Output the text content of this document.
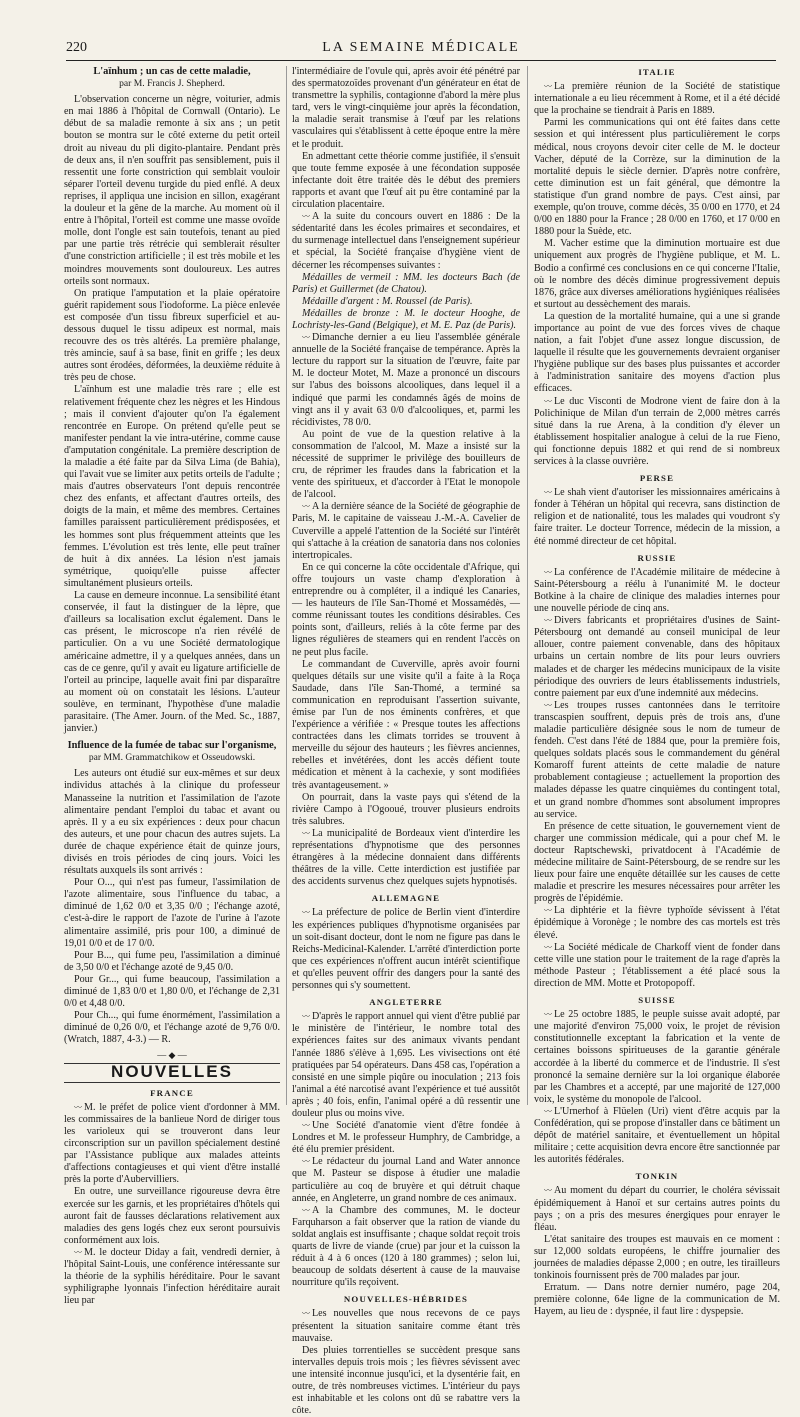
220	LA SEMAINE MÉDICALE

L'aïnhum ; un cas de cette maladie,

par M. Francis J. Shepherd.

L'observation concerne un nègre, voiturier, admis en mai 1886 à l'hôpital de Cornwall (Ontario). Le début de sa maladie remonte à six ans ; un petit bouton se montra sur le côté externe du petit orteil droit au niveau du pli digito-plantaire. Pendant près de deux ans, il n'en souffrit pas sensiblement, puis il ressentit une forte constriction qui semblait vouloir séparer l'orteil devenu turgide du pied enflé. A deux reprises, il appliqua une incision en sillon, exagérant la douleur et la gêne de la marche. Au moment où il entre à l'hôpital, l'orteil est comme une masse ovoïde molle, dont l'ongle est sain toutefois, tenant au pied par une partie très rétrécie qui semblerait résulter d'une constriction artificielle ; il est très mobile et les moindres mouvements sont douloureux. Les autres orteils sont normaux.

On pratique l'amputation et la plaie opératoire guérit rapidement sous l'iodoforme. La pièce enlevée est composée d'un tissu fibreux superficiel et au-dessous duquel le tissu adipeux est normal, mais recouvre des os très altérés. La première phalange, très amincie, sauf à sa base, finit en griffe ; les deux autres sont érodées, déformées, la deuxième réduite à très peu de chose.

L'aïnhum est une maladie très rare ; elle est relativement fréquente chez les nègres et les Hindous ; mais il convient d'ajouter qu'on l'a également rencontrée en Europe. On prétend qu'elle peut se manifester pendant la vie intra-utérine, comme cause d'amputation congénitale. La première description de la maladie a été faite par da Silva Lima (de Bahia), qui l'avait vue se limiter aux petits orteils de l'adulte ; mais d'autres observateurs l'ont depuis rencontrée chez des enfants, et affectant d'autres orteils, des doigts de la main, et même des membres. Certaines familles paraissent particulièrement prédisposées, et les hommes sont plus fréquemment atteints que les femmes. L'évolution est très lente, elle peut traîner de huit à dix années. La lésion n'est jamais symétrique, quoiqu'elle puisse affecter simultanément plusieurs orteils.

La cause en demeure inconnue. La sensibilité étant conservée, il faut la distinguer de la lèpre, que d'ailleurs sa localisation exclut également. Dans le cas présent, le microscope n'a rien révélé de particulier. On a vu une Société dermatologique américaine admettre, il y a quelques années, dans un cas de ce genre, qu'il y avait eu ligature artificielle de l'orteil au principe, laquelle avait fini par disparaître au moment où on constatait les lésions. L'auteur soulève, en terminant, l'hypothèse d'une maladie parasitaire. (The Amer. Journ. of the Med. Sc., 1887, janvier.)

Influence de la fumée de tabac sur l'organisme,

par MM. Grammatchikow et Osseudowski.

Les auteurs ont étudié sur eux-mêmes et sur deux individus attachés à la clinique du professeur Manasseine la nutrition et l'assimilation de l'azote alimentaire pendant l'emploi du tabac et avant ou après. Il y a eu six expériences : deux pour chacun des auteurs, et une pour chacun des autres sujets. La durée de chaque expérience était de quinze jours, divisés en trois périodes de cinq jours. Voici les résultats auxquels ils sont arrivés :

Pour O..., qui n'est pas fumeur, l'assimilation de l'azote alimentaire, sous l'influence du tabac, a diminué de 1,62 0/0 et 3,35 0/0 ; l'échange azoté, c'est-à-dire le rapport de l'azote de l'urine à l'azote alimentaire assimilé, pris pour 100, a diminué de 19,01 0/0 et de 17 0/0.

Pour B..., qui fume peu, l'assimilation a diminué de 3,50 0/0 et l'échange azoté de 9,45 0/0.

Pour Gr..., qui fume beaucoup, l'assimilation a diminué de 1,83 0/0 et 1,80 0/0, et l'échange de 2,31 0/0 et 4,48 0/0.

Pour Ch..., qui fume énormément, l'assimilation a diminué de 0,26 0/0, et l'échange azoté de 9,76 0/0. (Wratch, 1887, 4-3.) — R.

— ◆ —
NOUVELLES

FRANCE

〰 M. le préfet de police vient d'ordonner à MM. les commissaires de la banlieue Nord de diriger tous les varioleux qui se trouveront dans leur circonscription sur un pavillon spécialement destiné par l'Assistance publique aux malades atteints d'affections contagieuses et qui vient d'être installé près la porte d'Aubervilliers.

En outre, une surveillance rigoureuse devra être exercée sur les garnis, et les propriétaires d'hôtels qui auront fait de fausses déclarations relativement aux maladies des gens logés chez eux seront poursuivis conformément aux lois.

〰 M. le docteur Diday a fait, vendredi dernier, à l'hôpital Saint-Louis, une conférence intéressante sur la théorie de la syphilis héréditaire. Pour le savant syphiligraphe lyonnais l'infection héréditaire aurait lieu par

l'intermédiaire de l'ovule qui, après avoir été pénétré par des spermatozoïdes provenant d'un générateur en état de transmettre la syphilis, contagionne d'abord la mère plus tard, vers le vingt-cinquième jour après la fécondation, la maladie serait transmise à l'œuf par les relations vasculaires qui s'établissent à cette époque entre la mère et le produit.

En admettant cette théorie comme justifiée, il s'ensuit que toute femme exposée à une fécondation supposée infectante doit être traitée dès le début des premiers rapports et avant que l'œuf ait pu être contaminé par la circulation placentaire.

〰 A la suite du concours ouvert en 1886 : De la sédentarité dans les écoles primaires et secondaires, et du surmenage intellectuel dans l'enseignement supérieur et spécial, la Société française d'hygiène vient de décerner les récompenses suivantes :

Médailles de vermeil : MM. les docteurs Bach (de Paris) et Guillermet (de Chatou).

Médaille d'argent : M. Roussel (de Paris).

Médailles de bronze : M. le docteur Hooghe, de Lochristy-les-Gand (Belgique), et M. E. Paz (de Paris).

〰 Dimanche dernier a eu lieu l'assemblée générale annuelle de la Société française de tempérance. Après la lecture du rapport sur la situation de l'œuvre, faite par M. le docteur Motet, M. Maze a prononcé un discours sur l'abus des boissons alcooliques, dans lequel il a indiqué que parmi les condamnés âgés de moins de vingt ans il y avait 63 0/0 d'alcooliques, et, parmi les récidivistes, 78 0/0.

Au point de vue de la question relative à la consommation de l'alcool, M. Maze a insisté sur la nécessité de supprimer le privilège des bouilleurs de cru, de réprimer les fraudes dans la fabrication et la vente des spiritueux, et d'accorder à l'Etat le monopole de l'alcool.

〰 A la dernière séance de la Société de géographie de Paris, M. le capitaine de vaisseau J.-M.-A. Cavelier de Cuverville a appelé l'attention de la Société sur l'intérêt qui s'attache à la création de sanatoria dans nos colonies intertropicales.

En ce qui concerne la côte occidentale d'Afrique, qui offre toujours un vaste champ d'exploration à entreprendre ou à compléter, il a indiqué les Canaries, — les hauteurs de l'île San-Thomé et Mossamédès, — comme réunissant toutes les conditions désirables. Ces points sont, d'ailleurs, reliés à la côte ferme par des lignes régulières de steamers qui en rendent l'accès on ne peut plus facile.

Le commandant de Cuverville, après avoir fourni quelques détails sur une visite qu'il a faite à la Roça Saudade, dans l'île San-Thomé, a terminé sa communication en reproduisant l'assertion suivante, émise par l'un de nos éminents confrères, et que l'expérience a vérifiée : « Presque toutes les affections contractées dans les climats torrides se trouvent à merveille du séjour des hauteurs ; les fièvres anciennes, rebelles et invétérées, dont les accès défient toute médication et mènent à la cachexie, y sont modifiées très avantageusement. »

On pourrait, dans la vaste pays qui s'étend de la rivière Campo à l'Ogooué, trouver plusieurs endroits très salubres.

〰 La municipalité de Bordeaux vient d'interdire les représentations d'hypnotisme que des personnes étrangères à la médecine donnaient dans différents théâtres de la ville. Cette interdiction est justifiée par des accidents survenus chez quelques sujets hypnotisés.

ALLEMAGNE

〰 La préfecture de police de Berlin vient d'interdire les expériences publiques d'hypnotisme organisées par un soit-disant docteur, dont le nom ne figure pas dans le Reichs-Medicinal-Kalender. L'arrêté d'interdiction porte que ces expériences n'offrent aucun intérêt scientifique et qu'elles peuvent offrir des dangers pour la santé des personnes qui s'y soumettent.

ANGLETERRE

〰 D'après le rapport annuel qui vient d'être publié par le ministère de l'intérieur, le nombre total des expériences faites sur des animaux vivants pendant l'année 1886 s'élève à 1,695. Les vivisections ont été pratiquées par 54 opérateurs. Dans 458 cas, l'opération a consisté en une simple piqûre ou inoculation ; 213 fois l'animal a été narcotisé avant l'expérience et tué aussitôt après ; 40 fois, enfin, l'animal opéré a dû ressentir une douleur plus ou moins vive.

〰 Une Société d'anatomie vient d'être fondée à Londres et M. le professeur Humphry, de Cambridge, a été élu premier président.

〰 Le rédacteur du journal Land and Water annonce que M. Pasteur se dispose à étudier une maladie particulière au coq de bruyère et qui détruit chaque année, en Angleterre, un grand nombre de ces animaux.

〰 A la Chambre des communes, M. le docteur Farquharson a fait observer que la ration de viande du soldat anglais est insuffisante ; chaque soldat reçoit trois quarts de livre de viande (crue) par jour et la cuisson la réduit à 4 à 6 onces (120 à 180 grammes) ; selon lui, beaucoup de soldats désertent à cause de la mauvaise nourriture qu'ils reçoivent.

NOUVELLES-HÉBRIDES

〰 Les nouvelles que nous recevons de ce pays présentent la situation sanitaire comme étant très mauvaise.

Des pluies torrentielles se succèdent presque sans intervalles depuis trois mois ; les fièvres sévissent avec une intensité inconnue jusqu'ici, et la dysentérie fait, en outre, de très nombreuses victimes. L'intérieur du pays est inhabitable et les colons ont dû se rabattre vers la côte.

ITALIE

〰 La première réunion de la Société de statistique internationale a eu lieu récemment à Rome, et il a été décidé que la prochaine se tiendrait à Paris en 1889.

Parmi les communications qui ont été faites dans cette session et qui intéressent plus particulièrement le corps médical, nous croyons devoir citer celle de M. le docteur Vacher, député de la Corrèze, sur la diminution de la mortalité depuis le siècle dernier. D'après notre confrère, cette diminution est un fait général, que démontre la statistique d'un grand nombre de pays. C'est ainsi, par exemple, qu'on trouve, comme décès, 35 0/00 en 1770, et 24 0/00 en 1880 pour la France ; 28 0/00 en 1760, et 17 0/00 en 1880 pour la Suède, etc.

M. Vacher estime que la diminution mortuaire est due uniquement aux progrès de l'hygiène publique, et M. L. Bodio a confirmé ces conclusions en ce qui concerne l'Italie, où le nombre des décès diminue progressivement depuis 1876, grâce aux diverses améliorations hygiéniques réalisées et surtout au dessèchement des marais.

La question de la mortalité humaine, qui a une si grande importance au point de vue des forces vives de chaque nation, a fait l'objet d'une assez longue discussion, de laquelle il résulte que les gouvernements devraient organiser l'hygiène publique sur des bases plus puissantes et accorder à l'administration sanitaire des moyens d'action plus efficaces.

〰 Le duc Visconti de Modrone vient de faire don à la Polichinique de Milan d'un terrain de 2,000 mètres carrés situé dans la rue Arena, à la condition d'y élever un établissement hospitalier analogue à celui de la rue Fieno, qui fonctionne depuis 1882 et qui rend de si nombreux services à la classe ouvrière.

PERSE

〰 Le shah vient d'autoriser les missionnaires américains à fonder à Téhéran un hôpital qui recevra, sans distinction de religion et de nationalité, tous les malades qui voudront s'y faire traiter. Le docteur Torrence, médecin de la mission, a été nommé directeur de cet hôpital.

RUSSIE

〰 La conférence de l'Académie militaire de médecine à Saint-Pétersbourg a réélu à l'unanimité M. le docteur Botkine à la chaire de clinique des maladies internes pour une nouvelle période de cinq ans.

〰 Divers fabricants et propriétaires d'usines de Saint-Pétersbourg ont demandé au conseil municipal de leur allouer, contre paiement convenable, dans des hôpitaux urbains un certain nombre de lits pour leurs ouvriers malades et de charger les médecins municipaux de la visite périodique des ouvriers de leurs établissements industriels, contre paiement par eux d'une indemnité aux médecins.

〰 Les troupes russes cantonnées dans le territoire transcaspien souffrent, depuis près de trois ans, d'une maladie particulière désignée sous le nom de tumeur de fendeh. C'est dans l'été de 1884 que, pour la première fois, quelques soldats placés sous le commandement du général Komaroff furent atteints de cette maladie de nature probablement contagieuse ; actuellement la proportion des malades dépasse les quatre cinquièmes du contingent total, et un grand nombre d'hommes sont absolument impropres au service.

En présence de cette situation, le gouvernement vient de charger une commission médicale, qui a pour chef M. le docteur Raptschewski, privatdocent à l'Académie de médecine militaire de Saint-Pétersbourg, de se rendre sur les lieux pour faire une enquête détaillée sur les causes de cette maladie et prescrire les mesures nécessaires pour arrêter les progrès de l'épidémie.

〰 La diphtérie et la fièvre typhoïde sévissent à l'état épidémique à Voronège ; le nombre des cas mortels est très élevé.

〰 La Société médicale de Charkoff vient de fonder dans cette ville une station pour le traitement de la rage d'après la méthode Pasteur ; l'établissement a été placé sous la direction de MM. Motte et Protopopoff.

SUISSE

〰 Le 25 octobre 1885, le peuple suisse avait adopté, par une majorité d'environ 75,000 voix, le projet de révision constitutionnelle exceptant la fabrication et la vente de certaines boissons spiritueuses de la garantie générale accordée à la liberté du commerce et de l'industrie. Il s'est prononcé la semaine dernière sur la loi organique élaborée par les Chambres et a accepté, par une majorité de 127,000 voix, le système du monopole de l'alcool.

〰 L'Urnerhof à Flüelen (Uri) vient d'être acquis par la Confédération, qui se propose d'installer dans ce bâtiment un dépôt de matériel sanitaire, et éventuellement un hôpital militaire ; cette acquisition devra encore être sanctionnée par les autorités fédérales.

TONKIN

〰 Au moment du départ du courrier, le choléra sévissait épidémiquement à Hanoï et sur certains autres points du pays ; on a pris des mesures énergiques pour enrayer le fléau.

L'état sanitaire des troupes est mauvais en ce moment : sur 12,000 soldats européens, le chiffre journalier des journées de maladies dépasse 2,000 ; en outre, les tirailleurs tonkinois fournissent près de 700 malades par jour.

Erratum. — Dans notre dernier numéro, page 204, première colonne, 64e ligne de la communication de M. Hayem, au lieu de : dyspnée, il faut lire : dyspepsie.
